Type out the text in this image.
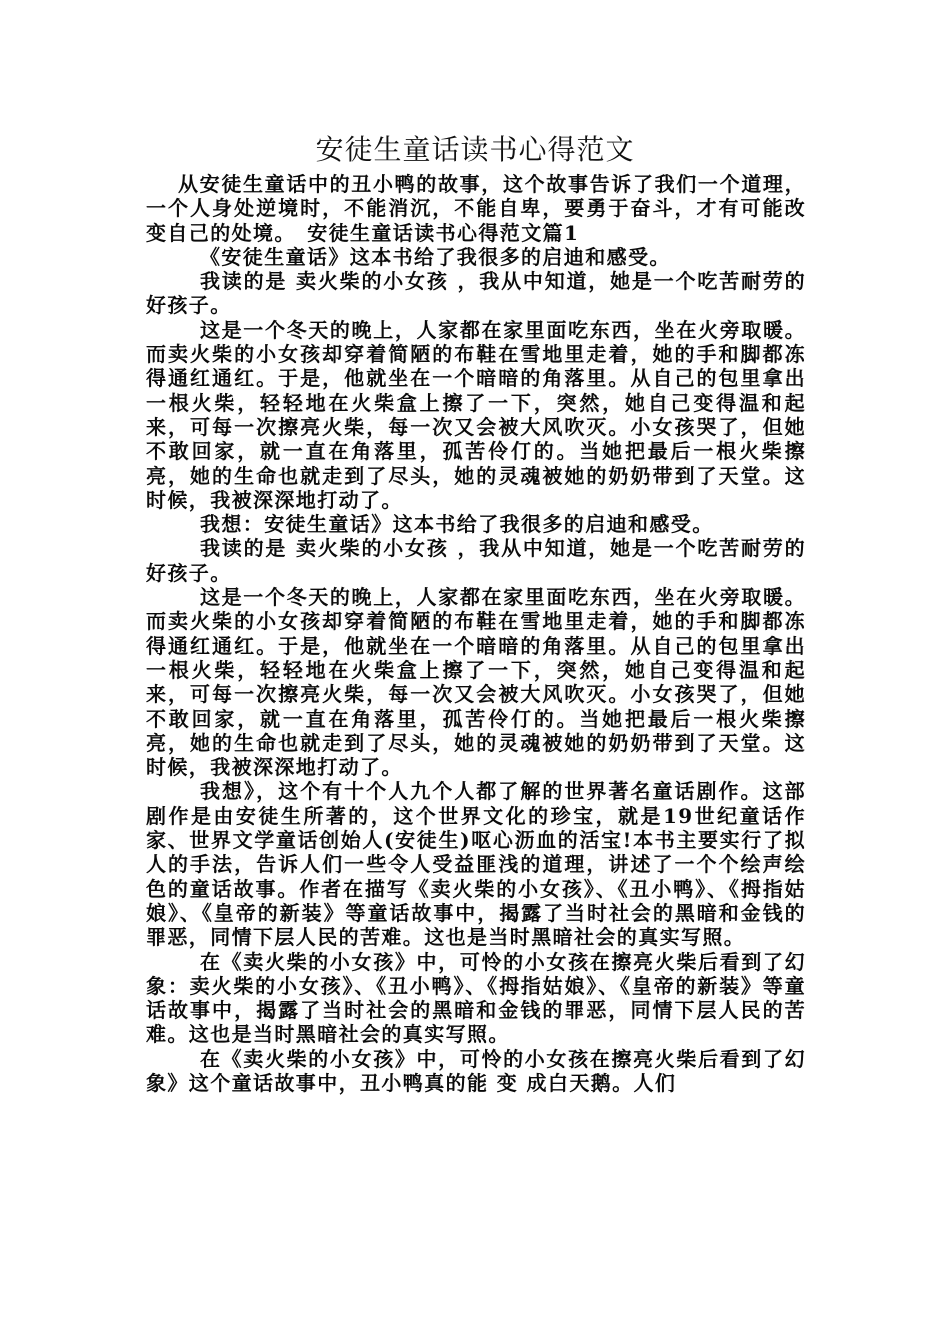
安徒生童话读书心得范文

从安徒生童话中的丑小鸭的故事，这个故事告诉了我们一个道理，一个人身处逆境时，不能消沉，不能自卑，要勇于奋斗，才有可能改变自己的处境。　安徒生童话读书心得范文篇1

《安徒生童话》这本书给了我很多的启迪和感受。

我读的是 卖火柴的小女孩 ，我从中知道，她是一个吃苦耐劳的好孩子。

这是一个冬天的晚上，人家都在家里面吃东西，坐在火旁取暖。而卖火柴的小女孩却穿着简陋的布鞋在雪地里走着，她的手和脚都冻得通红通红。于是，他就坐在一个暗暗的角落里。从自己的包里拿出一根火柴，轻轻地在火柴盒上擦了一下，突然，她自己变得温和起来，可每一次擦亮火柴，每一次又会被大风吹灭。小女孩哭了，但她不敢回家，就一直在角落里，孤苦伶仃的。当她把最后一根火柴擦亮，她的生命也就走到了尽头，她的灵魂被她的奶奶带到了天堂。这时候，我被深深地打动了。

我想：安徒生童话》这本书给了我很多的启迪和感受。

我读的是 卖火柴的小女孩 ，我从中知道，她是一个吃苦耐劳的好孩子。

这是一个冬天的晚上，人家都在家里面吃东西，坐在火旁取暖。而卖火柴的小女孩却穿着简陋的布鞋在雪地里走着，她的手和脚都冻得通红通红。于是，他就坐在一个暗暗的角落里。从自己的包里拿出一根火柴，轻轻地在火柴盒上擦了一下，突然，她自己变得温和起来，可每一次擦亮火柴，每一次又会被大风吹灭。小女孩哭了，但她不敢回家，就一直在角落里，孤苦伶仃的。当她把最后一根火柴擦亮，她的生命也就走到了尽头，她的灵魂被她的奶奶带到了天堂。这时候，我被深深地打动了。

我想》，这个有十个人九个人都了解的世界著名童话剧作。这部剧作是由安徒生所著的，这个世界文化的珍宝，就是19世纪童话作家、世界文学童话创始人(安徒生)呕心沥血的活宝!本书主要实行了拟人的手法，告诉人们一些令人受益匪浅的道理，讲述了一个个绘声绘色的童话故事。作者在描写《卖火柴的小女孩》、《丑小鸭》、《拇指姑娘》、《皇帝的新装》等童话故事中，揭露了当时社会的黑暗和金钱的罪恶，同情下层人民的苦难。这也是当时黑暗社会的真实写照。

在《卖火柴的小女孩》中，可怜的小女孩在擦亮火柴后看到了幻象：卖火柴的小女孩》、《丑小鸭》、《拇指姑娘》、《皇帝的新装》等童话故事中，揭露了当时社会的黑暗和金钱的罪恶，同情下层人民的苦难。这也是当时黑暗社会的真实写照。

在《卖火柴的小女孩》中，可怜的小女孩在擦亮火柴后看到了幻象》这个童话故事中，丑小鸭真的能 变 成白天鹅。人们
